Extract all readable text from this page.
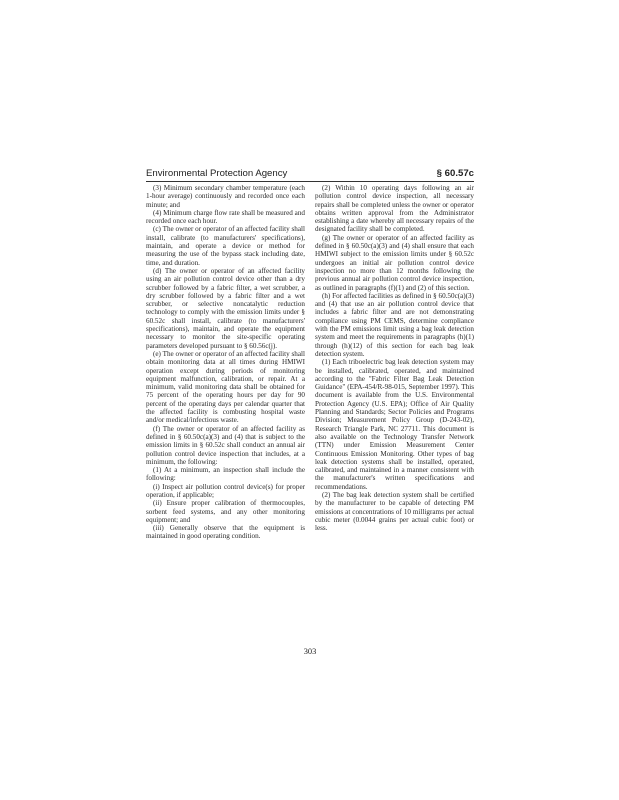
Environmental Protection Agency	§ 60.57c

(3) Minimum secondary chamber temperature (each 1-hour average) continuously and recorded once each minute; and

(4) Minimum charge flow rate shall be measured and recorded once each hour.

(c) The owner or operator of an affected facility shall install, calibrate (to manufacturers' specifications), maintain, and operate a device or method for measuring the use of the bypass stack including date, time, and duration.

(d) The owner or operator of an affected facility using an air pollution control device other than a dry scrubber followed by a fabric filter, a wet scrubber, a dry scrubber followed by a fabric filter and a wet scrubber, or selective noncatalytic reduction technology to comply with the emission limits under § 60.52c shall install, calibrate (to manufacturers' specifications), maintain, and operate the equipment necessary to monitor the site-specific operating parameters developed pursuant to § 60.56c(j).

(e) The owner or operator of an affected facility shall obtain monitoring data at all times during HMIWI operation except during periods of monitoring equipment malfunction, calibration, or repair. At a minimum, valid monitoring data shall be obtained for 75 percent of the operating hours per day for 90 percent of the operating days per calendar quarter that the affected facility is combusting hospital waste and/or medical/infectious waste.

(f) The owner or operator of an affected facility as defined in § 60.50c(a)(3) and (4) that is subject to the emission limits in § 60.52c shall conduct an annual air pollution control device inspection that includes, at a minimum, the following:

(1) At a minimum, an inspection shall include the following:

(i) Inspect air pollution control device(s) for proper operation, if applicable;

(ii) Ensure proper calibration of thermocouples, sorbent feed systems, and any other monitoring equipment; and

(iii) Generally observe that the equipment is maintained in good operating condition.

(2) Within 10 operating days following an air pollution control device inspection, all necessary repairs shall be completed unless the owner or operator obtains written approval from the Administrator establishing a date whereby all necessary repairs of the designated facility shall be completed.

(g) The owner or operator of an affected facility as defined in § 60.50c(a)(3) and (4) shall ensure that each HMIWI subject to the emission limits under § 60.52c undergoes an initial air pollution control device inspection no more than 12 months following the previous annual air pollution control device inspection, as outlined in paragraphs (f)(1) and (2) of this section.

(h) For affected facilities as defined in § 60.50c(a)(3) and (4) that use an air pollution control device that includes a fabric filter and are not demonstrating compliance using PM CEMS, determine compliance with the PM emissions limit using a bag leak detection system and meet the requirements in paragraphs (h)(1) through (h)(12) of this section for each bag leak detection system.

(1) Each triboelectric bag leak detection system may be installed, calibrated, operated, and maintained according to the "Fabric Filter Bag Leak Detection Guidance" (EPA-454/R-98-015, September 1997). This document is available from the U.S. Environmental Protection Agency (U.S. EPA); Office of Air Quality Planning and Standards; Sector Policies and Programs Division; Measurement Policy Group (D-243-02), Research Triangle Park, NC 27711. This document is also available on the Technology Transfer Network (TTN) under Emission Measurement Center Continuous Emission Monitoring. Other types of bag leak detection systems shall be installed, operated, calibrated, and maintained in a manner consistent with the manufacturer's written specifications and recommendations.

(2) The bag leak detection system shall be certified by the manufacturer to be capable of detecting PM emissions at concentrations of 10 milligrams per actual cubic meter (0.0044 grains per actual cubic foot) or less.

303
